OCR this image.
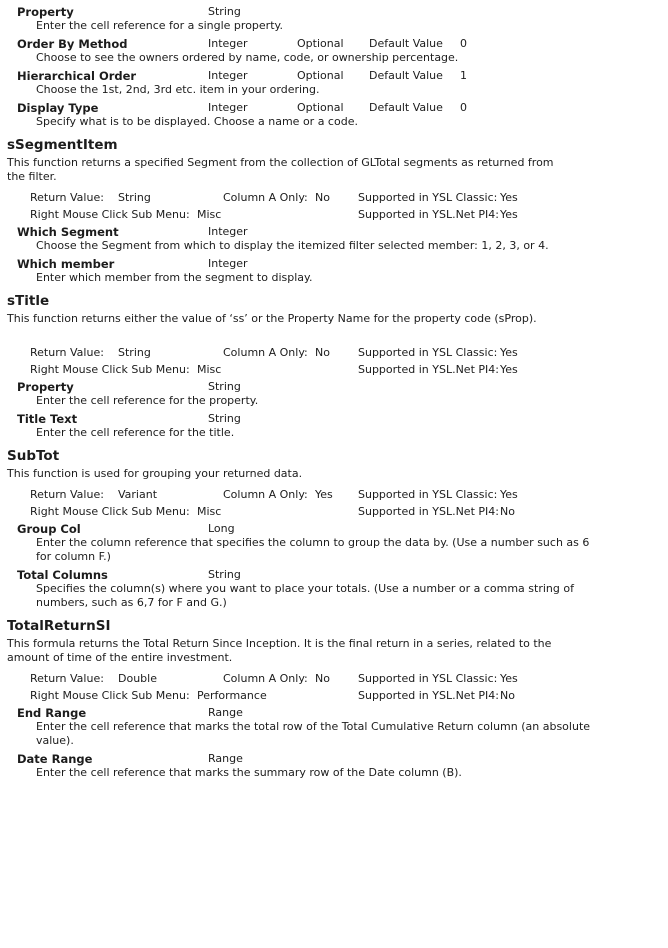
Property	String
Enter the cell reference for a single property.
Order By Method	Integer	Optional Default Value 0
Choose to see the owners ordered by name, code, or ownership percentage.
Hierarchical Order	Integer	Optional Default Value 1
Choose the 1st, 2nd, 3rd etc. item in your ordering.
Display Type	Integer	Optional Default Value 0
Specify what is to be displayed. Choose a name or a code.
sSegmentItem
This function returns a specified Segment from the collection of GLTotal segments as returned from
the filter.
Return Value: String	Column A Only: No	Supported in YSL Classic: Yes
Right Mouse Click Sub Menu: Misc	Supported in YSL.Net PI4: Yes
Which Segment	Integer
Choose the Segment from which to display the itemized filter selected member: 1, 2, 3, or 4.
Which member	Integer
Enter which member from the segment to display.
sTitle
This function returns either the value of ‘ss’ or the Property Name for the property code (sProp).
Return Value: String	Column A Only: No	Supported in YSL Classic: Yes
Right Mouse Click Sub Menu: Misc	Supported in YSL.Net PI4: Yes
Property	String
Enter the cell reference for the property.
Title Text	String
Enter the cell reference for the title.
SubTot
This function is used for grouping your returned data.
Return Value: Variant	Column A Only: Yes Supported in YSL Classic: Yes
Right Mouse Click Sub Menu: Misc	Supported in YSL.Net PI4: No
Group Col	Long
Enter the column reference that specifies the column to group the data by. (Use a number such as 6
for column F.)
Total Columns	String
Specifies the column(s) where you want to place your totals. (Use a number or a comma string of
numbers, such as 6,7 for F and G.)
TotalReturnSI
This formula returns the Total Return Since Inception. It is the final return in a series, related to the
amount of time of the entire investment.
Return Value: Double	Column A Only: No	Supported in YSL Classic: Yes
Right Mouse Click Sub Menu: Performance	Supported in YSL.Net PI4: No
End Range	Range
Enter the cell reference that marks the total row of the Total Cumulative Return column (an absolute
value).
Date Range	Range
Enter the cell reference that marks the summary row of the Date column (B).
